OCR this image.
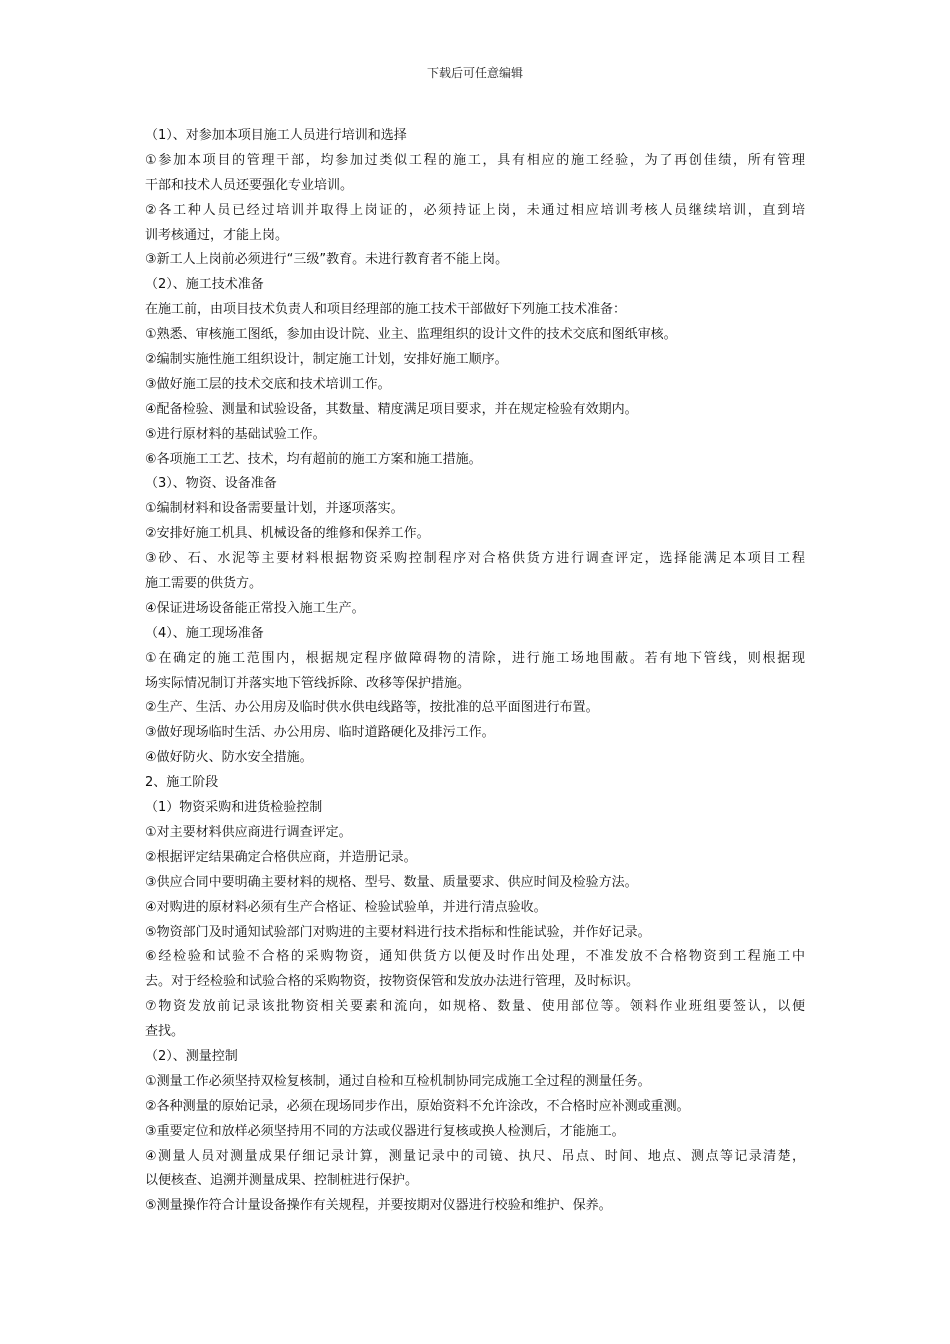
下载后可任意编辑
（1）、对参加本项目施工人员进行培训和选择
①参加本项目的管理干部，均参加过类似工程的施工，具有相应的施工经验，为了再创佳绩，所有管理
干部和技术人员还要强化专业培训。
②各工种人员已经过培训并取得上岗证的，必须持证上岗，未通过相应培训考核人员继续培训，直到培
训考核通过，才能上岗。
③新工人上岗前必须进行“三级”教育。未进行教育者不能上岗。
（2）、施工技术准备
在施工前，由项目技术负责人和项目经理部的施工技术干部做好下列施工技术准备：
①熟悉、审核施工图纸，参加由设计院、业主、监理组织的设计文件的技术交底和图纸审核。
②编制实施性施工组织设计，制定施工计划，安排好施工顺序。
③做好施工层的技术交底和技术培训工作。
④配备检验、测量和试验设备，其数量、精度满足项目要求，并在规定检验有效期内。
⑤进行原材料的基础试验工作。
⑥各项施工工艺、技术，均有超前的施工方案和施工措施。
（3）、物资、设备准备
①编制材料和设备需要量计划，并逐项落实。
②安排好施工机具、机械设备的维修和保养工作。
③砂、石、水泥等主要材料根据物资采购控制程序对合格供货方进行调查评定，选择能满足本项目工程
施工需要的供货方。
④保证进场设备能正常投入施工生产。
（4）、施工现场准备
①在确定的施工范围内，根据规定程序做障碍物的清除，进行施工场地围蔽。若有地下管线，则根据现
场实际情况制订并落实地下管线拆除、改移等保护措施。
②生产、生活、办公用房及临时供水供电线路等，按批准的总平面图进行布置。
③做好现场临时生活、办公用房、临时道路硬化及排污工作。
④做好防火、防水安全措施。
2、施工阶段
（1）物资采购和进货检验控制
①对主要材料供应商进行调查评定。
②根据评定结果确定合格供应商，并造册记录。
③供应合同中要明确主要材料的规格、型号、数量、质量要求、供应时间及检验方法。
④对购进的原材料必须有生产合格证、检验试验单，并进行清点验收。
⑤物资部门及时通知试验部门对购进的主要材料进行技术指标和性能试验，并作好记录。
⑥经检验和试验不合格的采购物资，通知供货方以便及时作出处理，不准发放不合格物资到工程施工中
去。对于经检验和试验合格的采购物资，按物资保管和发放办法进行管理，及时标识。
⑦物资发放前记录该批物资相关要素和流向，如规格、数量、使用部位等。领料作业班组要签认，以便
查找。
（2）、测量控制
①测量工作必须坚持双检复核制，通过自检和互检机制协同完成施工全过程的测量任务。
②各种测量的原始记录，必须在现场同步作出，原始资料不允许涂改，不合格时应补测或重测。
③重要定位和放样必须坚持用不同的方法或仪器进行复核或换人检测后，才能施工。
④测量人员对测量成果仔细记录计算，测量记录中的司镜、执尺、吊点、时间、地点、测点等记录清楚，
以便核查、追溯并测量成果、控制桩进行保护。
⑤测量操作符合计量设备操作有关规程，并要按期对仪器进行校验和维护、保养。
